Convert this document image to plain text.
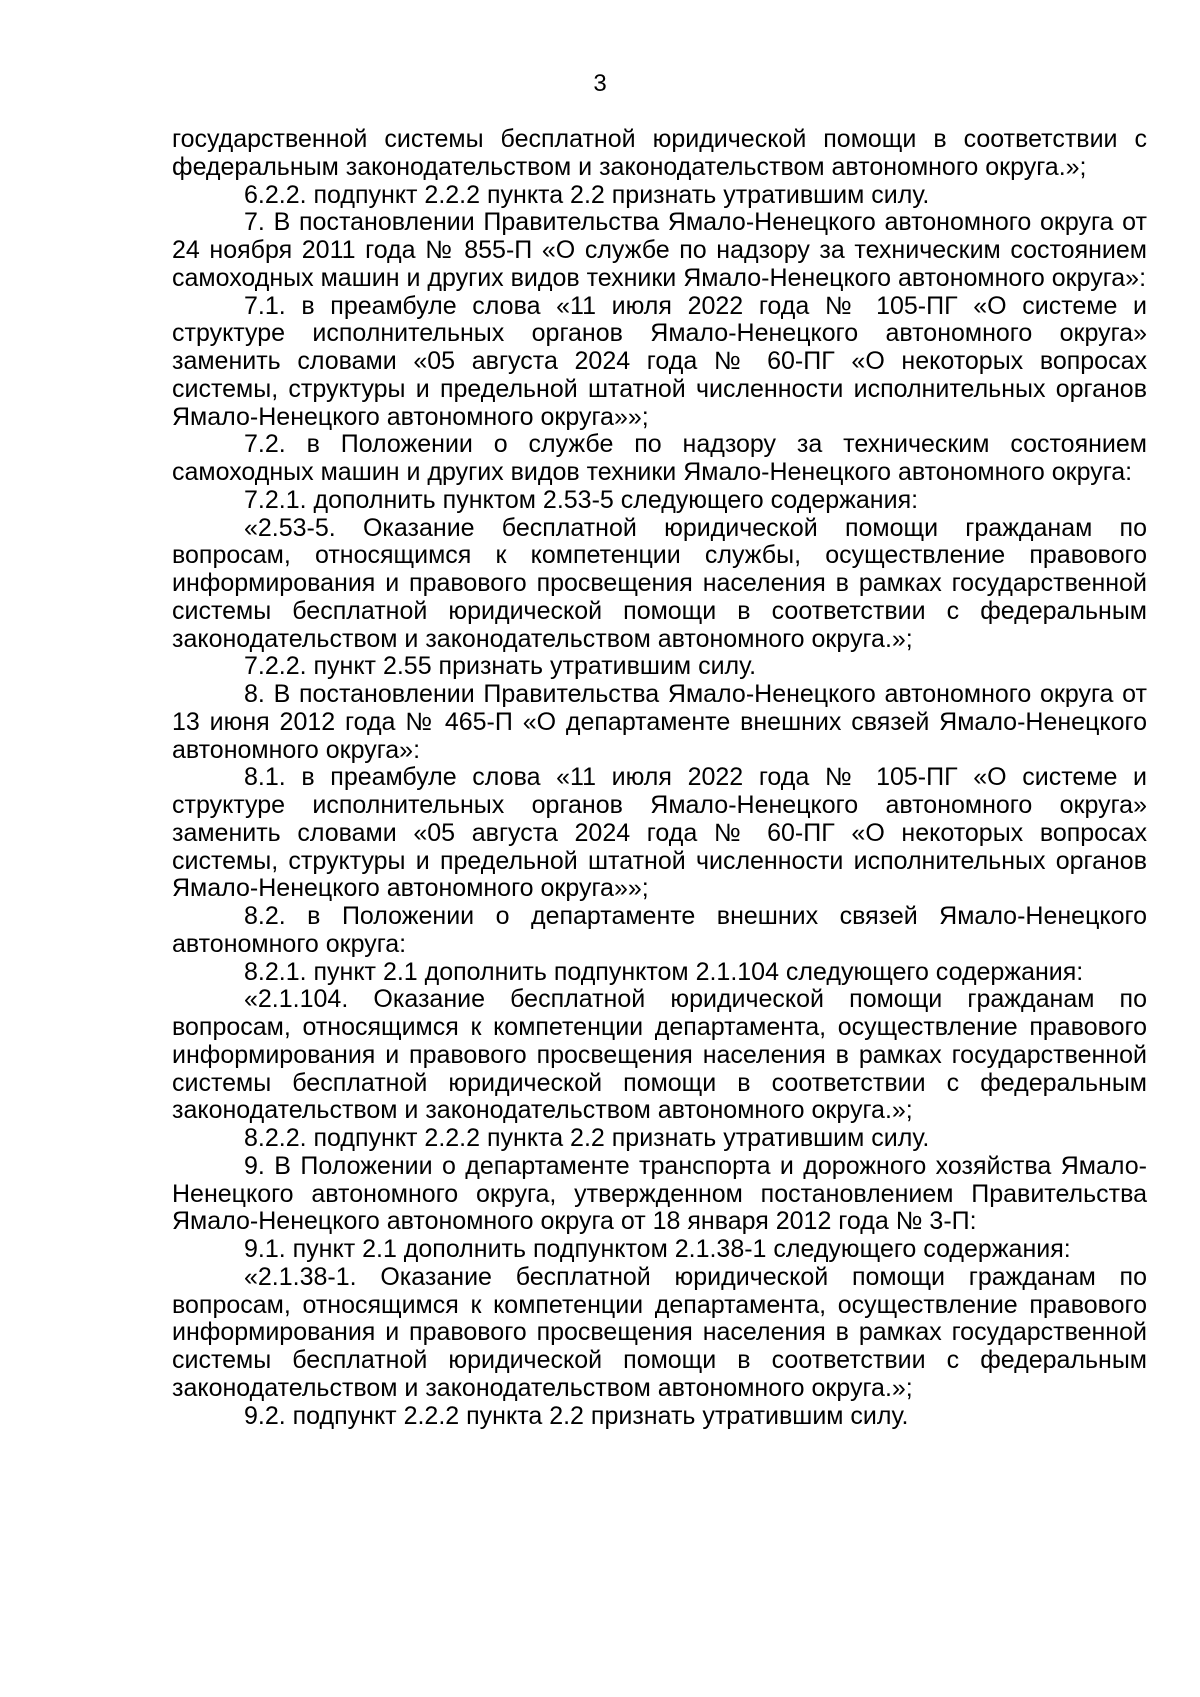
3

государственной системы бесплатной юридической помощи в соответствии с федеральным законодательством и законодательством автономного округа.»;

6.2.2. подпункт 2.2.2 пункта 2.2 признать утратившим силу.

7. В постановлении Правительства Ямало-Ненецкого автономного округа от 24 ноября 2011 года № 855-П «О службе по надзору за техническим состоянием самоходных машин и других видов техники Ямало-Ненецкого автономного округа»:

7.1. в преамбуле слова «11 июля 2022 года № 105-ПГ «О системе и структуре исполнительных органов Ямало-Ненецкого автономного округа» заменить словами «05 августа 2024 года № 60-ПГ «О некоторых вопросах системы, структуры и предельной штатной численности исполнительных органов Ямало-Ненецкого автономного округа»»;

7.2. в Положении о службе по надзору за техническим состоянием самоходных машин и других видов техники Ямало-Ненецкого автономного округа:

7.2.1. дополнить пунктом 2.53-5 следующего содержания:

«2.53-5. Оказание бесплатной юридической помощи гражданам по вопросам, относящимся к компетенции службы, осуществление правового информирования и правового просвещения населения в рамках государственной системы бесплатной юридической помощи в соответствии с федеральным законодательством и законодательством автономного округа.»;

7.2.2. пункт 2.55 признать утратившим силу.

8. В постановлении Правительства Ямало-Ненецкого автономного округа от 13 июня 2012 года № 465-П «О департаменте внешних связей Ямало-Ненецкого автономного округа»:

8.1. в преамбуле слова «11 июля 2022 года № 105-ПГ «О системе и структуре исполнительных органов Ямало-Ненецкого автономного округа» заменить словами «05 августа 2024 года № 60-ПГ «О некоторых вопросах системы, структуры и предельной штатной численности исполнительных органов Ямало-Ненецкого автономного округа»»;

8.2. в Положении о департаменте внешних связей Ямало-Ненецкого автономного округа:

8.2.1. пункт 2.1 дополнить подпунктом 2.1.104 следующего содержания:

«2.1.104. Оказание бесплатной юридической помощи гражданам по вопросам, относящимся к компетенции департамента, осуществление правового информирования и правового просвещения населения в рамках государственной системы бесплатной юридической помощи в соответствии с федеральным законодательством и законодательством автономного округа.»;

8.2.2. подпункт 2.2.2 пункта 2.2 признать утратившим силу.

9. В Положении о департаменте транспорта и дорожного хозяйства Ямало-Ненецкого автономного округа, утвержденном постановлением Правительства Ямало-Ненецкого автономного округа от 18 января 2012 года № 3-П:

9.1. пункт 2.1 дополнить подпунктом 2.1.38-1 следующего содержания:

«2.1.38-1. Оказание бесплатной юридической помощи гражданам по вопросам, относящимся к компетенции департамента, осуществление правового информирования и правового просвещения населения в рамках государственной системы бесплатной юридической помощи в соответствии с федеральным законодательством и законодательством автономного округа.»;

9.2. подпункт 2.2.2 пункта 2.2 признать утратившим силу.
